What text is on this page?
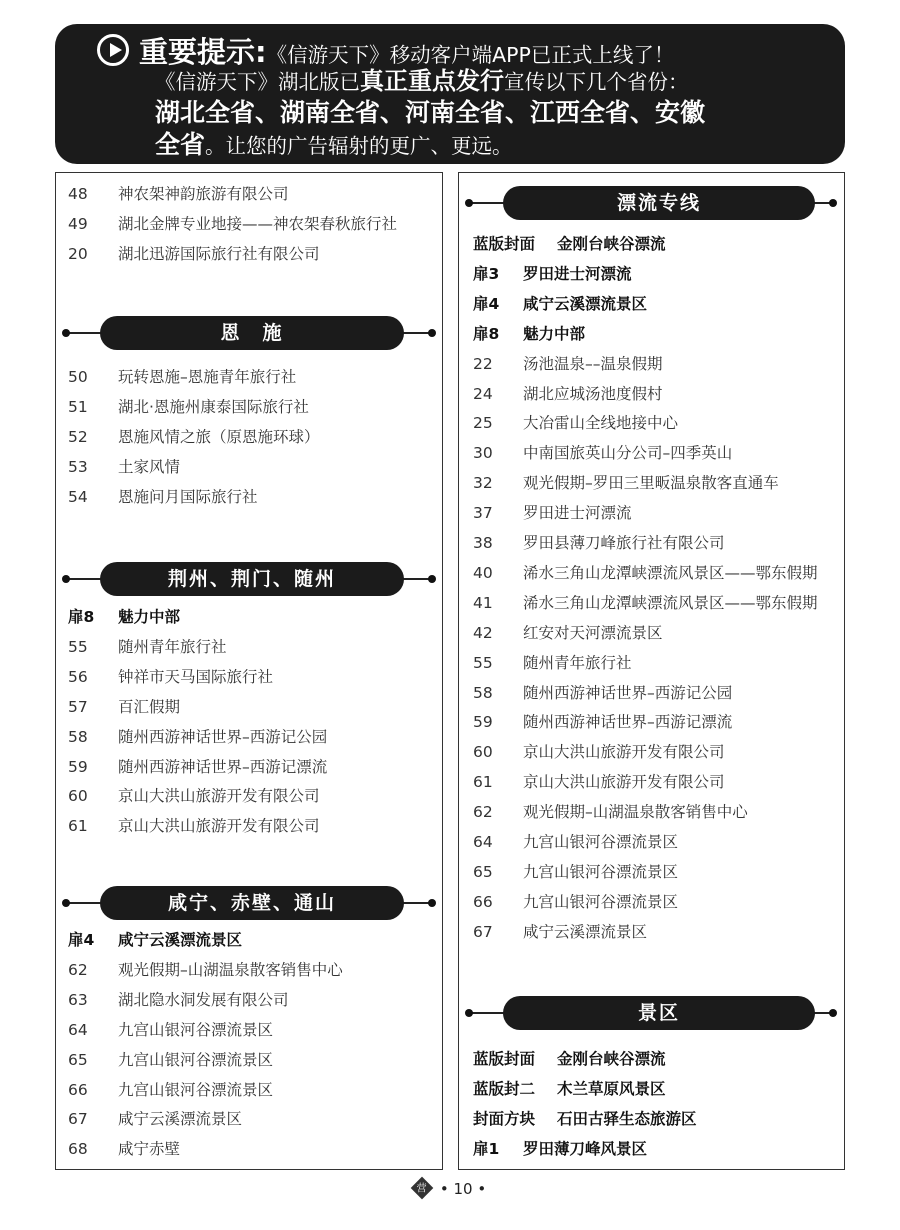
重要提示:《信游天下》移动客户端APP已正式上线了！
《信游天下》湖北版已真正重点发行宣传以下几个省份：
湖北全省、湖南全省、河南全省、江西全省、安徽
全省。让您的广告辐射的更广、更远。
48 神农架神韵旅游有限公司
49 湖北金牌专业地接——神农架春秋旅行社
20 湖北迅游国际旅行社有限公司
恩　施
50 玩转恩施–恩施青年旅行社
51 湖北·恩施州康泰国际旅行社
52 恩施风情之旅（原恩施环球）
53 土家风情
54 恩施问月国际旅行社
荆州、荆门、随州
扉8 魅力中部
55 随州青年旅行社
56 钟祥市天马国际旅行社
57 百汇假期
58 随州西游神话世界–西游记公园
59 随州西游神话世界–西游记漂流
60 京山大洪山旅游开发有限公司
61 京山大洪山旅游开发有限公司
咸宁、赤壁、通山
扉4 咸宁云溪漂流景区
62 观光假期–山湖温泉散客销售中心
63 湖北隐水洞发展有限公司
64 九宫山银河谷漂流景区
65 九宫山银河谷漂流景区
66 九宫山银河谷漂流景区
67 咸宁云溪漂流景区
68 咸宁赤壁
漂流专线
蓝版封面 金刚台峡谷漂流
扉3 罗田进士河漂流
扉4 咸宁云溪漂流景区
扉8 魅力中部
22 汤池温泉––温泉假期
24 湖北应城汤池度假村
25 大冶雷山全线地接中心
30 中南国旅英山分公司–四季英山
32 观光假期–罗田三里畈温泉散客直通车
37 罗田进士河漂流
38 罗田县薄刀峰旅行社有限公司
40 浠水三角山龙潭峡漂流风景区——鄂东假期
41 浠水三角山龙潭峡漂流风景区——鄂东假期
42 红安对天河漂流景区
55 随州青年旅行社
58 随州西游神话世界–西游记公园
59 随州西游神话世界–西游记漂流
60 京山大洪山旅游开发有限公司
61 京山大洪山旅游开发有限公司
62 观光假期–山湖温泉散客销售中心
64 九宫山银河谷漂流景区
65 九宫山银河谷漂流景区
66 九宫山银河谷漂流景区
67 咸宁云溪漂流景区
景区
蓝版封面 金刚台峡谷漂流
蓝版封二 木兰草原风景区
封面方块 石田古驿生态旅游区
扉1 罗田薄刀峰风景区
营 • 10 •
